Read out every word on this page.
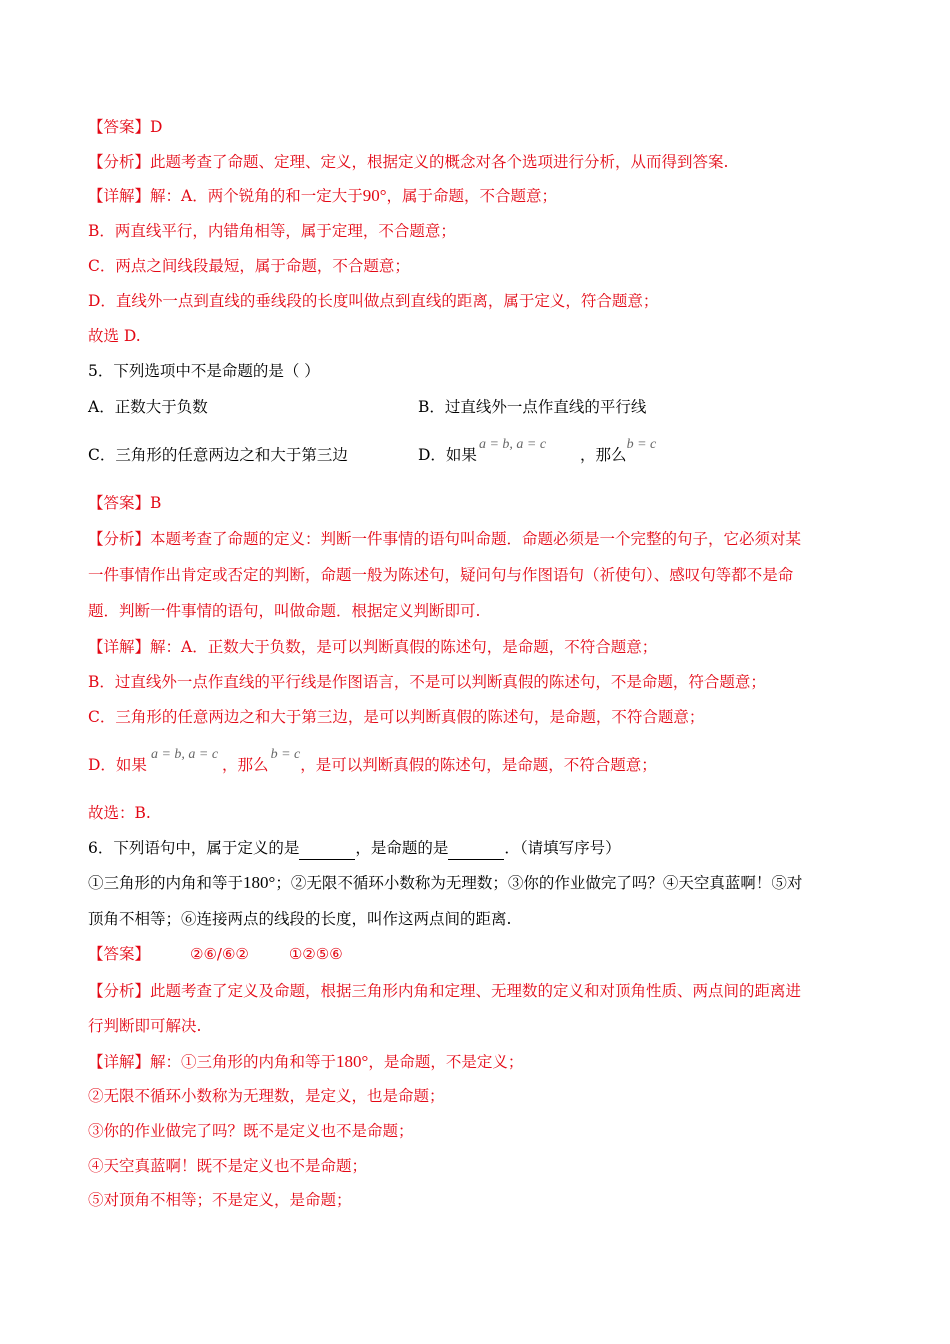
【答案】D
【分析】此题考查了命题、定理、定义，根据定义的概念对各个选项进行分析，从而得到答案.
【详解】解：A．两个锐角的和一定大于90°，属于命题，不合题意；
B．两直线平行，内错角相等，属于定理，不合题意；
C．两点之间线段最短，属于命题，不合题意；
D．直线外一点到直线的垂线段的长度叫做点到直线的距离，属于定义，符合题意；
故选 D.
5．下列选项中不是命题的是（ ）
A．正数大于负数	B．过直线外一点作直线的平行线
C．三角形的任意两边之和大于第三边	D．如果a = b, a = c，那么b = c
【答案】B
【分析】本题考查了命题的定义：判断一件事情的语句叫命题．命题必须是一个完整的句子，它必须对某
一件事情作出肯定或否定的判断，命题一般为陈述句，疑问句与作图语句（祈使句）、感叹句等都不是命
题．判断一件事情的语句，叫做命题．根据定义判断即可.
【详解】解：A．正数大于负数，是可以判断真假的陈述句，是命题，不符合题意；
B．过直线外一点作直线的平行线是作图语言，不是可以判断真假的陈述句，不是命题，符合题意；
C．三角形的任意两边之和大于第三边，是可以判断真假的陈述句，是命题，不符合题意；
D．如果a = b, a = c，那么b = c，是可以判断真假的陈述句，是命题，不符合题意；
故选：B.
6．下列语句中，属于定义的是	，是命题的是	．（请填写序号）
①三角形的内角和等于180°；②无限不循环小数称为无理数；③你的作业做完了吗？④天空真蓝啊！⑤对
顶角不相等；⑥连接两点的线段的长度，叫作这两点间的距离.
【答案】	②⑥/⑥②	①②⑤⑥
【分析】此题考查了定义及命题，根据三角形内角和定理、无理数的定义和对顶角性质、两点间的距离进
行判断即可解决.
【详解】解：①三角形的内角和等于180°，是命题，不是定义；
②无限不循环小数称为无理数，是定义，也是命题；
③你的作业做完了吗？既不是定义也不是命题；
④天空真蓝啊！既不是定义也不是命题；
⑤对顶角不相等；不是定义，是命题；
